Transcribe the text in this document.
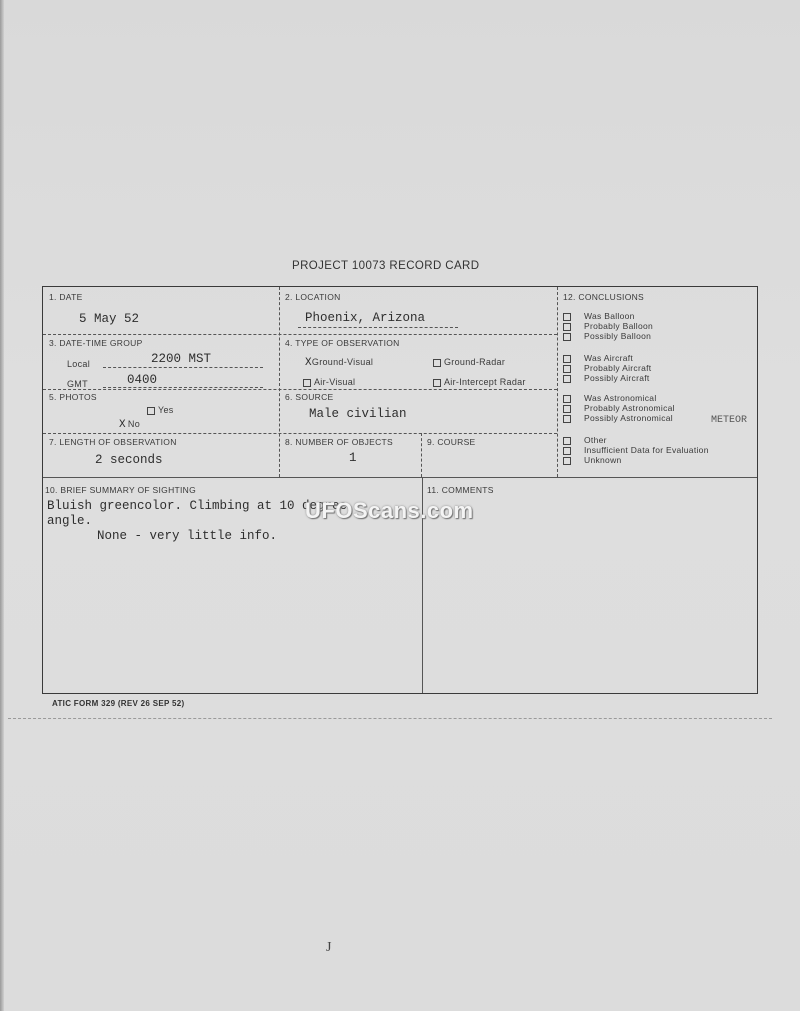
PROJECT 10073 RECORD CARD
1. DATE
5 May 52
2. LOCATION
Phoenix, Arizona
3. DATE-TIME GROUP
Local	2200 MST
GMT	0400
4. TYPE OF OBSERVATION
XGround-Visual	Ground-Radar
Air-Visual	Air-Intercept Radar
5. PHOTOS
Yes
X No
6. SOURCE
Male civilian
7. LENGTH OF OBSERVATION
2 seconds
8. NUMBER OF OBJECTS
1
9. COURSE
10. BRIEF SUMMARY OF SIGHTING
Bluish greencolor. Climbing at 10 degree
angle.
None - very little info.
11. COMMENTS
12. CONCLUSIONS
Was Balloon
Probably Balloon
Possibly Balloon
Was Aircraft
Probably Aircraft
Possibly Aircraft
Was Astronomical
Probably Astronomical
Possibly Astronomical
Other
Insufficient Data for Evaluation
Unknown
METEOR
ATIC FORM 329 (REV 26 SEP 52)
UFOScans.com
J
